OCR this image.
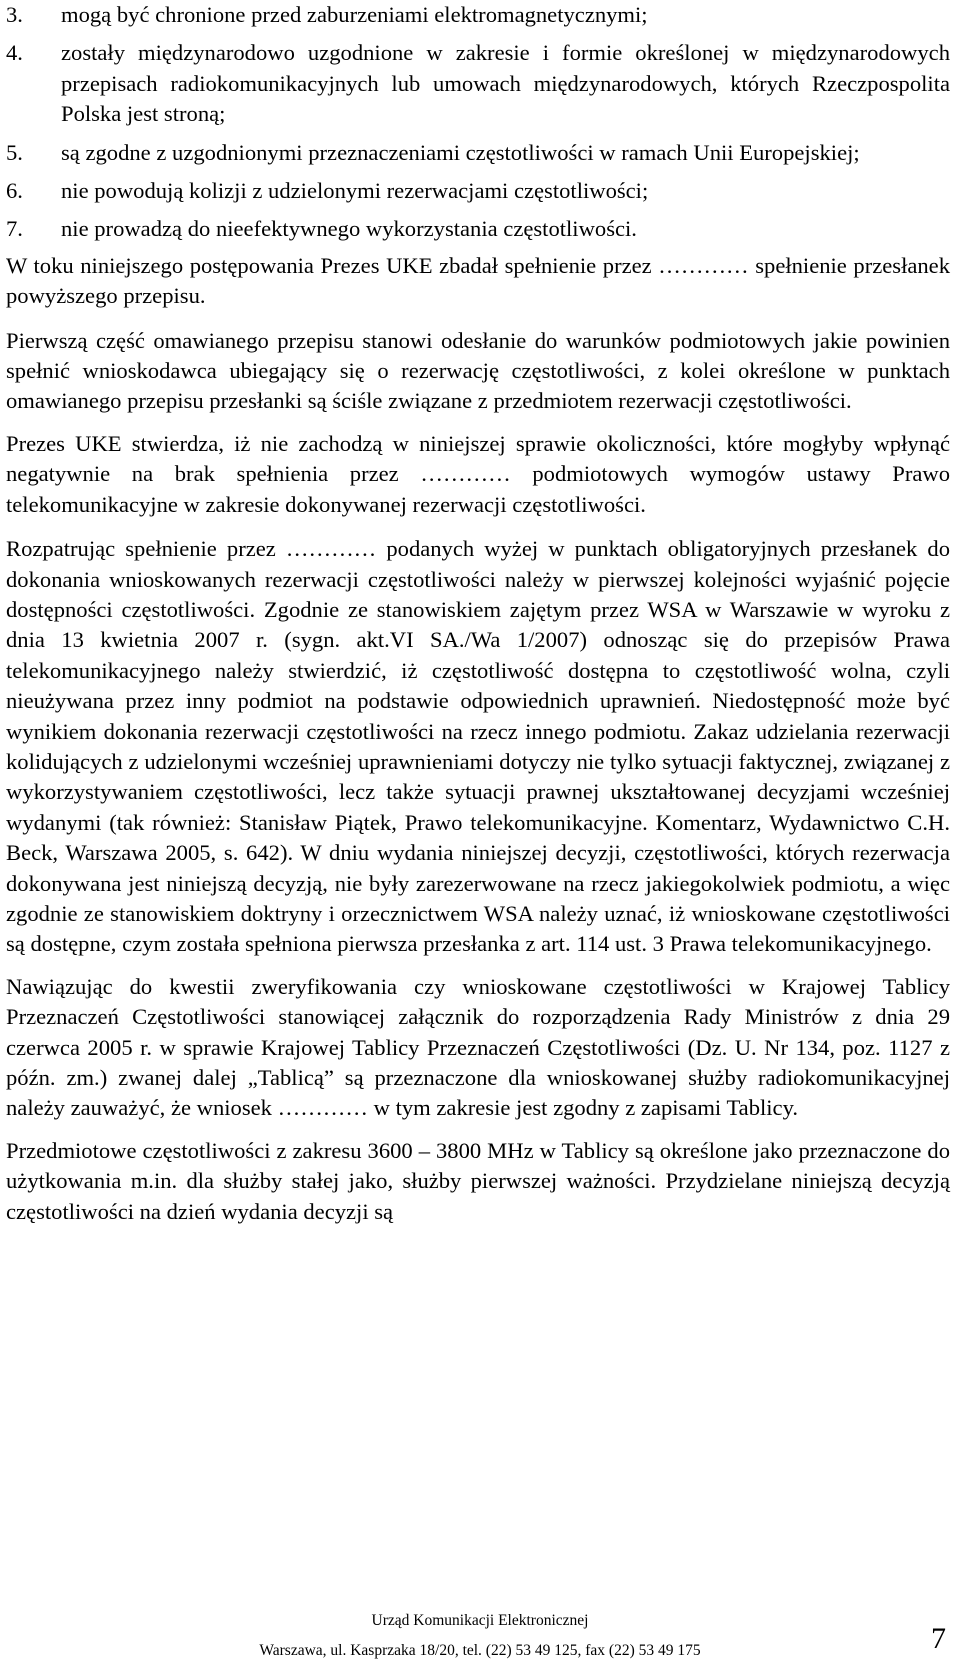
3. mogą być chronione przed zaburzeniami elektromagnetycznymi;
4. zostały międzynarodowo uzgodnione w zakresie i formie określonej w międzynarodowych przepisach radiokomunikacyjnych lub umowach międzynarodowych, których Rzeczpospolita Polska jest stroną;
5. są zgodne z uzgodnionymi przeznaczeniami częstotliwości w ramach Unii Europejskiej;
6. nie powodują kolizji z udzielonymi rezerwacjami częstotliwości;
7. nie prowadzą do nieefektywnego wykorzystania częstotliwości.

W toku niniejszego postępowania Prezes UKE zbadał spełnienie przez ………… spełnienie przesłanek powyższego przepisu.

Pierwszą część omawianego przepisu stanowi odesłanie do warunków podmiotowych jakie powinien spełnić wnioskodawca ubiegający się o rezerwację częstotliwości, z kolei określone w punktach omawianego przepisu przesłanki są ściśle związane z przedmiotem rezerwacji częstotliwości.

Prezes UKE stwierdza, iż nie zachodzą w niniejszej sprawie okoliczności, które mogłyby wpłynąć negatywnie na brak spełnienia przez ………… podmiotowych wymogów ustawy Prawo telekomunikacyjne w zakresie dokonywanej rezerwacji częstotliwości.

Rozpatrując spełnienie przez ………… podanych wyżej w punktach obligatoryjnych przesłanek do dokonania wnioskowanych rezerwacji częstotliwości należy w pierwszej kolejności wyjaśnić pojęcie dostępności częstotliwości. Zgodnie ze stanowiskiem zajętym przez WSA w Warszawie w wyroku z dnia 13 kwietnia 2007 r. (sygn. akt.VI SA./Wa 1/2007) odnosząc się do przepisów Prawa telekomunikacyjnego należy stwierdzić, iż częstotliwość dostępna to częstotliwość wolna, czyli nieużywana przez inny podmiot na podstawie odpowiednich uprawnień. Niedostępność może być wynikiem dokonania rezerwacji częstotliwości na rzecz innego podmiotu. Zakaz udzielania rezerwacji kolidujących z udzielonymi wcześniej uprawnieniami dotyczy nie tylko sytuacji faktycznej, związanej z wykorzystywaniem częstotliwości, lecz także sytuacji prawnej ukształtowanej decyzjami wcześniej wydanymi (tak również: Stanisław Piątek, Prawo telekomunikacyjne. Komentarz, Wydawnictwo C.H. Beck, Warszawa 2005, s. 642). W dniu wydania niniejszej decyzji, częstotliwości, których rezerwacja dokonywana jest niniejszą decyzją, nie były zarezerwowane na rzecz jakiegokolwiek podmiotu, a więc zgodnie ze stanowiskiem doktryny i orzecznictwem WSA należy uznać, iż wnioskowane częstotliwości są dostępne, czym została spełniona pierwsza przesłanka z art. 114 ust. 3 Prawa telekomunikacyjnego.

Nawiązując do kwestii zweryfikowania czy wnioskowane częstotliwości w Krajowej Tablicy Przeznaczeń Częstotliwości stanowiącej załącznik do rozporządzenia Rady Ministrów z dnia 29 czerwca 2005 r. w sprawie Krajowej Tablicy Przeznaczeń Częstotliwości (Dz. U. Nr 134, poz. 1127 z późn. zm.) zwanej dalej „Tablicą” są przeznaczone dla wnioskowanej służby radiokomunikacyjnej należy zauważyć, że wniosek ………… w tym zakresie jest zgodny z zapisami Tablicy.

Przedmiotowe częstotliwości z zakresu 3600 – 3800 MHz w Tablicy są określone jako przeznaczone do użytkowania m.in. dla służby stałej jako, służby pierwszej ważności. Przydzielane niniejszą decyzją częstotliwości na dzień wydania decyzji są

Urząd Komunikacji Elektronicznej
Warszawa, ul. Kasprzaka 18/20, tel. (22) 53 49 125, fax (22) 53 49 175	7
